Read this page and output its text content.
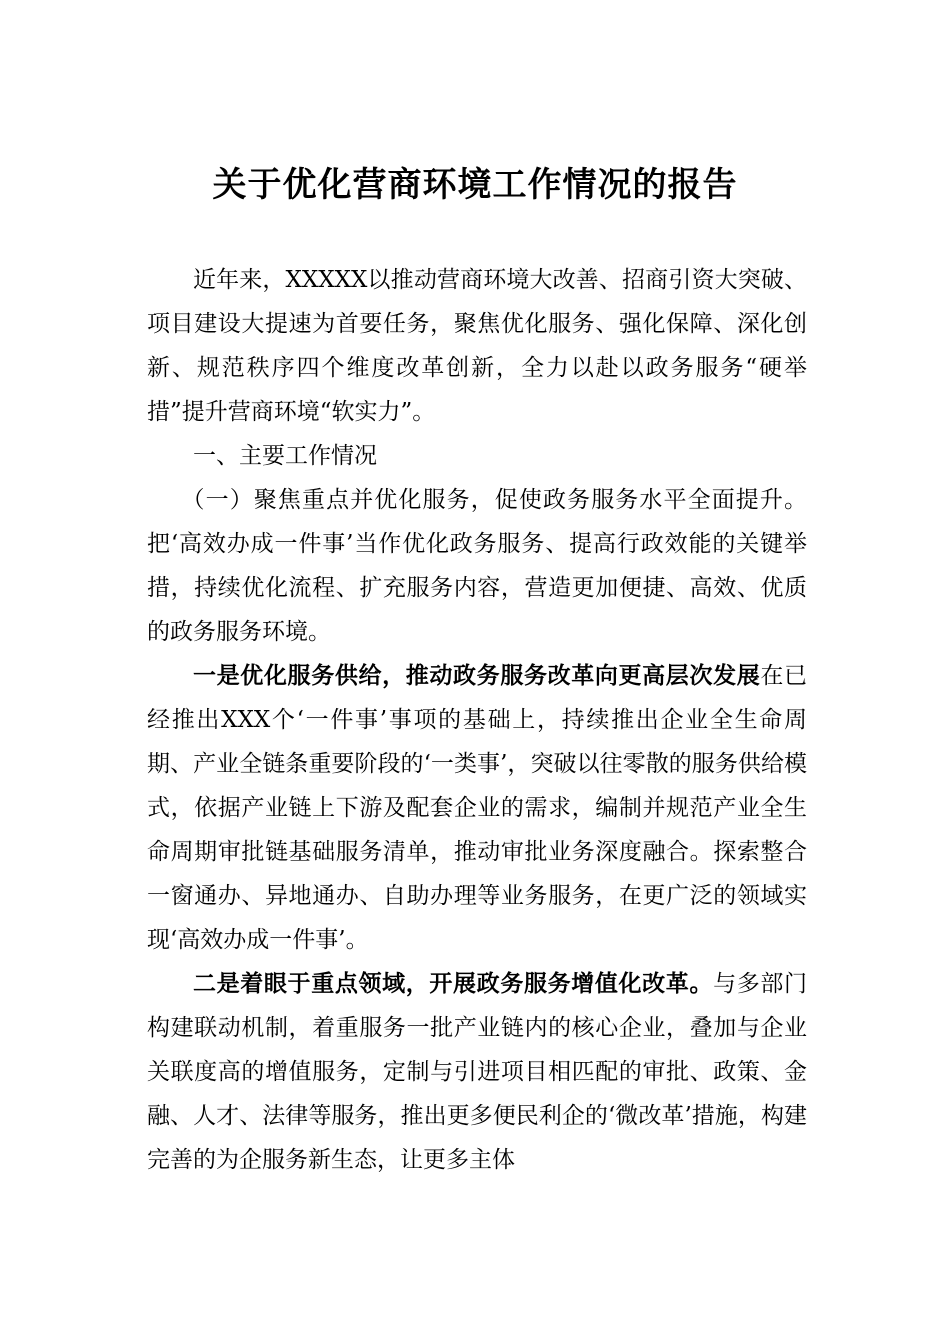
关于优化营商环境工作情况的报告

近年来，XXXXX以推动营商环境大改善、招商引资大突破、项目建设大提速为首要任务，聚焦优化服务、强化保障、深化创新、规范秩序四个维度改革创新，全力以赴以政务服务“硬举措”提升营商环境“软实力”。

一、主要工作情况

（一）聚焦重点并优化服务，促使政务服务水平全面提升。把‘高效办成一件事’当作优化政务服务、提高行政效能的关键举措，持续优化流程、扩充服务内容，营造更加便捷、高效、优质的政务服务环境。

一是优化服务供给，推动政务服务改革向更高层次发展在已经推出XXX个‘一件事’事项的基础上，持续推出企业全生命周期、产业全链条重要阶段的‘一类事’，突破以往零散的服务供给模式，依据产业链上下游及配套企业的需求，编制并规范产业全生命周期审批链基础服务清单，推动审批业务深度融合。探索整合一窗通办、异地通办、自助办理等业务服务，在更广泛的领域实现‘高效办成一件事’。

二是着眼于重点领域，开展政务服务增值化改革。与多部门构建联动机制，着重服务一批产业链内的核心企业，叠加与企业关联度高的增值服务，定制与引进项目相匹配的审批、政策、金融、人才、法律等服务，推出更多便民利企的‘微改革’措施，构建完善的为企服务新生态，让更多主体
